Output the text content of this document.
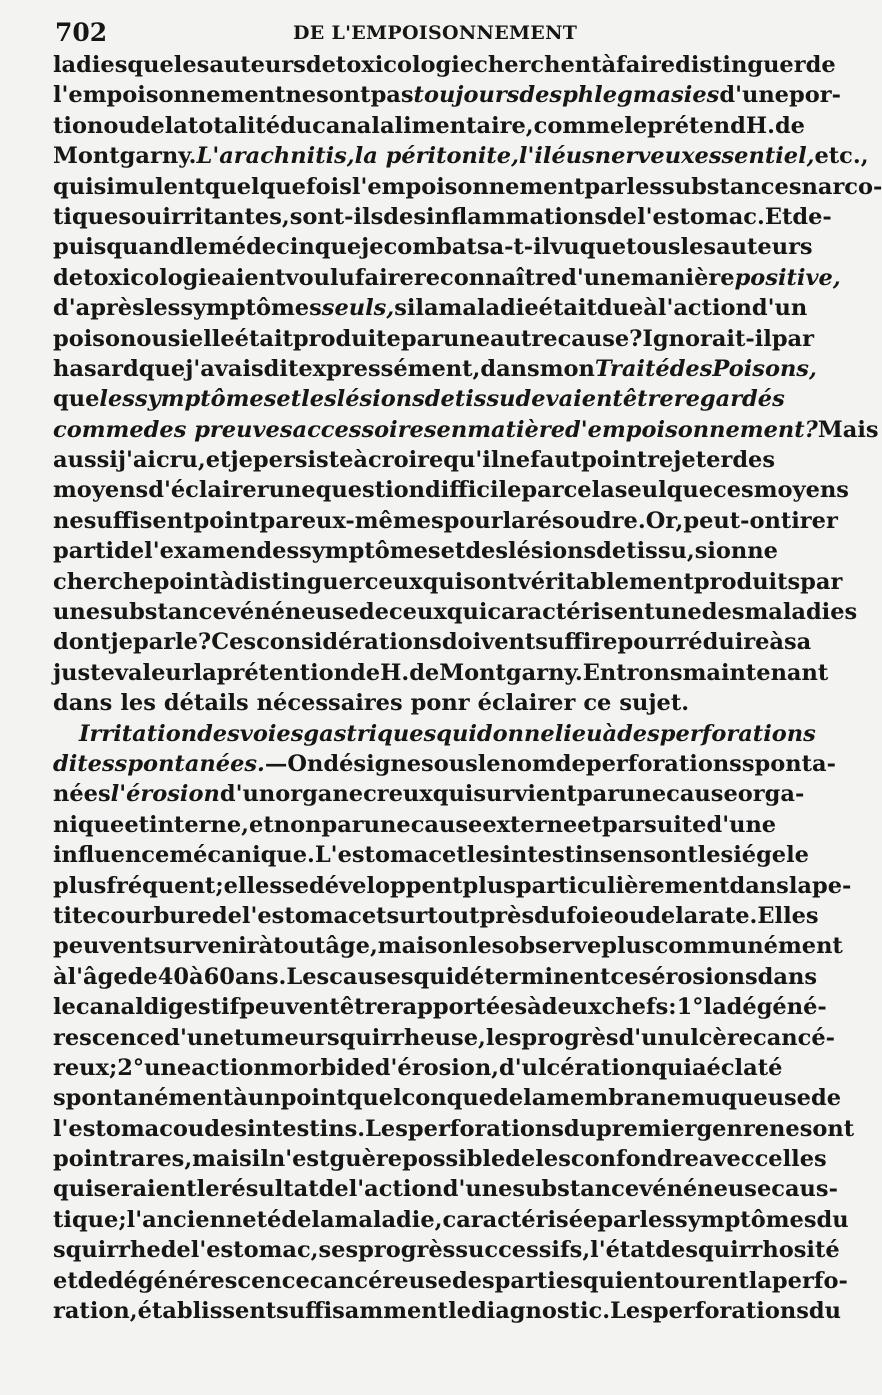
702	DE L'EMPOISONNEMENT
ladies que les auteurs de toxicologie cherchent à faire distinguer de
l'empoisonnement ne sont pas toujours des phlegmasies d'une por-
tion ou de la totalité du canal alimentaire, comme le prétend H. de
Montgarny. L'arachnitis, la péritonite, l'iléus nerveux essentiel, etc.,
qui simulent quelquefois l'empoisonnement par les substances narco-
tiques ou irritantes, sont-ils des inflammations de l'estomac. Et de-
puis quand le médecin que je combats a-t-il vu que tous les auteurs
de toxicologie aient voulu faire reconnaître d'une manière positive,
d'après les symptômes seuls, si la maladie était due à l'action d'un
poison ou si elle était produite par une autre cause? Ignorait-il par
hasard que j'avais dit expressément, dans mon Traité des Poisons,
que les symptômes et les lésions de tissu devaient être regardés
comme des preuves accessoires en matière d'empoisonnement? Mais
aussi j'ai cru, et je persiste à croire qu'il ne faut point rejeter des
moyens d'éclairer une question difficile par cela seul que ces moyens
ne suffisent point par eux-mêmes pour la résoudre. Or, peut-on tirer
parti de l'examen des symptômes et des lésions de tissu, si on ne
cherche point à distinguer ceux qui sont véritablement produits par
une substance vénéneuse de ceux qui caractérisent une des maladies
dont je parle? Ces considérations doivent suffire pour réduire à sa
juste valeur la prétention de H. de Montgarny. Entrons maintenant
dans les détails nécessaires ponr éclairer ce sujet.
Irritation des voies gastriques qui donne lieu à des perforations
dites spontanées. — On désigne sous le nom de perforations sponta-
nées l'érosion d'un organe creux qui survient par une cause orga-
nique et interne, et non par une cause externe et par suite d'une
influence mécanique. L'estomac et les intestins en sont le siége le
plus fréquent; elles se développent plus particulièrement dans la pe-
tite courbure de l'estomac et surtout près du foie ou de la rate. Elles
peuvent survenir à tout âge, mais on les observe plus communément
à l'âge de 40 à 60 ans. Les causes qui déterminent ces érosions dans
le canal digestif peuvent être rapportées à deux chefs: 1° la dégéné-
rescence d'une tumeur squirrheuse, les progrès d'un ulcère cancé-
reux; 2° une action morbide d'érosion, d'ulcération qui a éclaté
spontanément à un point quelconque de la membrane muqueuse de
l'estomac ou des intestins. Les perforations du premier genre ne sont
point rares, mais il n'est guère possible de les confondre avec celles
qui seraient le résultat de l'action d'une substance vénéneuse caus-
tique; l'ancienneté de la maladie, caractérisée par les symptômes du
squirrhe de l'estomac, ses progrès successifs, l'état de squirrhosité
et de dégénérescence cancéreuse des parties qui entourent la perfo-
ration, établissent suffisamment le diagnostic. Les perforations du
